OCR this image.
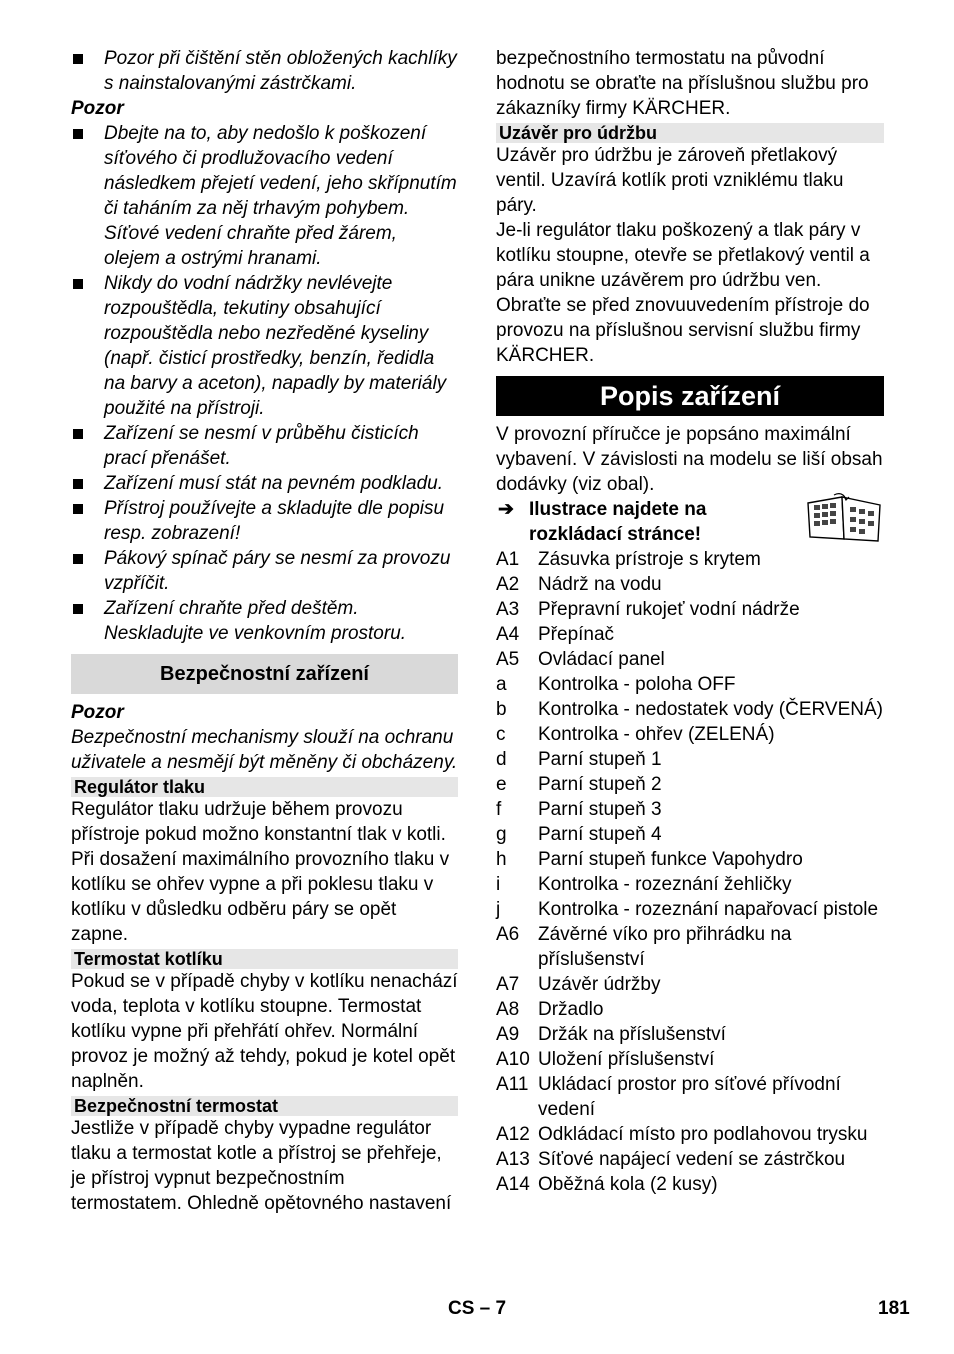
Pozor při čištění stěn obložených kachlíky s nainstalovanými zástrčkami.
Pozor
Dbejte na to, aby nedošlo k poškození síťového či prodlužovacího vedení následkem přejetí vedení, jeho skřípnutím či taháním za něj trhavým pohybem. Síťové vedení chraňte před žárem, olejem a ostrými hranami.
Nikdy do vodní nádržky nevlévejte rozpouštědla, tekutiny obsahující rozpouštědla nebo nezředěné kyseliny (např. čisticí prostředky, benzín, ředidla na barvy a aceton), napadly by materiály použité na přístroji.
Zařízení se nesmí v průběhu čisticích prací přenášet.
Zařízení musí stát na pevném podkladu.
Přístroj používejte a skladujte dle popisu resp. zobrazení!
Pákový spínač páry se nesmí za provozu vzpříčit.
Zařízení chraňte před deštěm. Neskladujte ve venkovním prostoru.
Bezpečnostní zařízení
Pozor

Bezpečnostní mechanismy slouží na ochranu uživatele a nesmějí být měněny či obcházeny.

Regulátor tlaku

Regulátor tlaku udržuje během provozu přístroje pokud možno konstantní tlak v kotli. Při dosažení maximálního provozního tlaku v kotlíku se ohřev vypne a při poklesu tlaku v kotlíku v důsledku odběru páry se opět zapne.

Termostat kotlíku

Pokud se v případě chyby v kotlíku nenachází voda, teplota v kotlíku stoupne. Termostat kotlíku vypne při přehřátí ohřev. Normální provoz je možný až tehdy, pokud je kotel opět naplněn.

Bezpečnostní termostat

Jestliže v případě chyby vypadne regulátor tlaku a termostat kotle a přístroj se přehřeje, je přístroj vypnut bezpečnostním termostatem. Ohledně opětovného nastavení

bezpečnostního termostatu na původní hodnotu se obraťte na příslušnou službu pro zákazníky firmy KÄRCHER.

Uzávěr pro údržbu

Uzávěr pro údržbu je zároveň přetlakový ventil. Uzavírá kotlík proti vzniklému tlaku páry.

Je-li regulátor tlaku poškozený a tlak páry v kotlíku stoupne, otevře se přetlakový ventil a pára unikne uzávěrem pro údržbu ven. Obraťte se před znovuuvedením přístroje do provozu na příslušnou servisní službu firmy KÄRCHER.

Popis zařízení

V provozní příručce je popsáno maximální vybavení. V závislosti na modelu se liší obsah dodávky (viz obal).

➔ Ilustrace najdete na rozkládací stránce!
A1 Zásuvka prístroje s krytem
A2 Nádrž na vodu
A3 Přepravní rukojeť vodní nádrže
A4 Přepínač
A5 Ovládací panel
a Kontrolka - poloha OFF
b Kontrolka - nedostatek vody (ČERVENÁ)
c Kontrolka - ohřev (ZELENÁ)
d Parní stupeň 1
e Parní stupeň 2
f Parní stupeň 3
g Parní stupeň 4
h Parní stupeň funkce Vapohydro
i Kontrolka - rozeznání žehličky
j Kontrolka - rozeznání napařovací pistole
A6 Závěrné víko pro přihrádku na příslušenství
A7 Uzávěr údržby
A8 Držadlo
A9 Držák na příslušenství
A10 Uložení příslušenství
A11 Ukládací prostor pro síťové přívodní vedení
A12 Odkládací místo pro podlahovou trysku
A13 Síťové napájecí vedení se zástrčkou
A14 Oběžná kola (2 kusy)
CS – 7	181
